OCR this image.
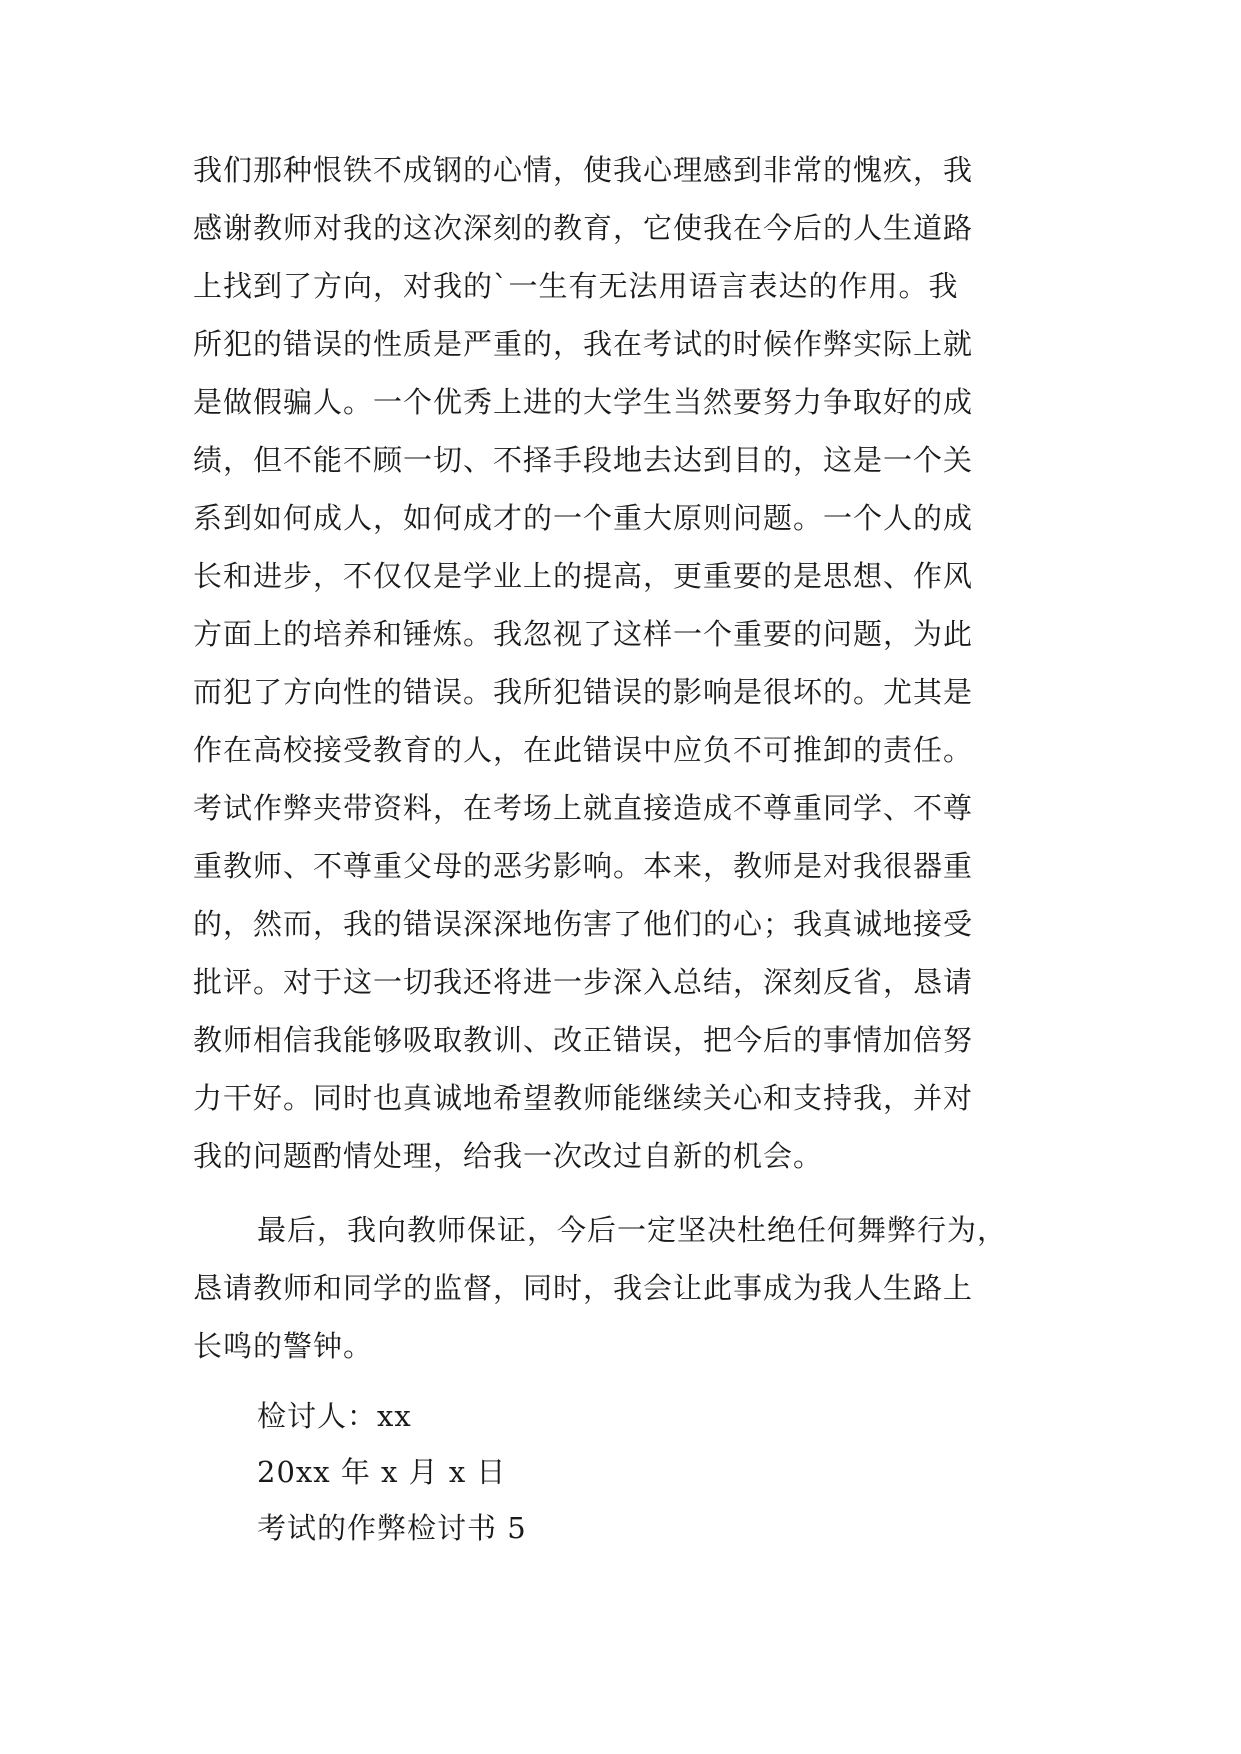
我们那种恨铁不成钢的心情，使我心理感到非常的愧疚，我
感谢教师对我的这次深刻的教育，它使我在今后的人生道路
上找到了方向，对我的`一生有无法用语言表达的作用。我
所犯的错误的性质是严重的，我在考试的时候作弊实际上就
是做假骗人。一个优秀上进的大学生当然要努力争取好的成
绩，但不能不顾一切、不择手段地去达到目的，这是一个关
系到如何成人，如何成才的一个重大原则问题。一个人的成
长和进步，不仅仅是学业上的提高，更重要的是思想、作风
方面上的培养和锤炼。我忽视了这样一个重要的问题，为此
而犯了方向性的错误。我所犯错误的影响是很坏的。尤其是
作在高校接受教育的人，在此错误中应负不可推卸的责任。
考试作弊夹带资料，在考场上就直接造成不尊重同学、不尊
重教师、不尊重父母的恶劣影响。本来，教师是对我很器重
的，然而，我的错误深深地伤害了他们的心；我真诚地接受
批评。对于这一切我还将进一步深入总结，深刻反省，恳请
教师相信我能够吸取教训、改正错误，把今后的事情加倍努
力干好。同时也真诚地希望教师能继续关心和支持我，并对
我的问题酌情处理，给我一次改过自新的机会。
最后，我向教师保证，今后一定坚决杜绝任何舞弊行为，
恳请教师和同学的监督，同时，我会让此事成为我人生路上
长鸣的警钟。
检讨人：xx
20xx 年 x 月 x 日
考试的作弊检讨书 5
